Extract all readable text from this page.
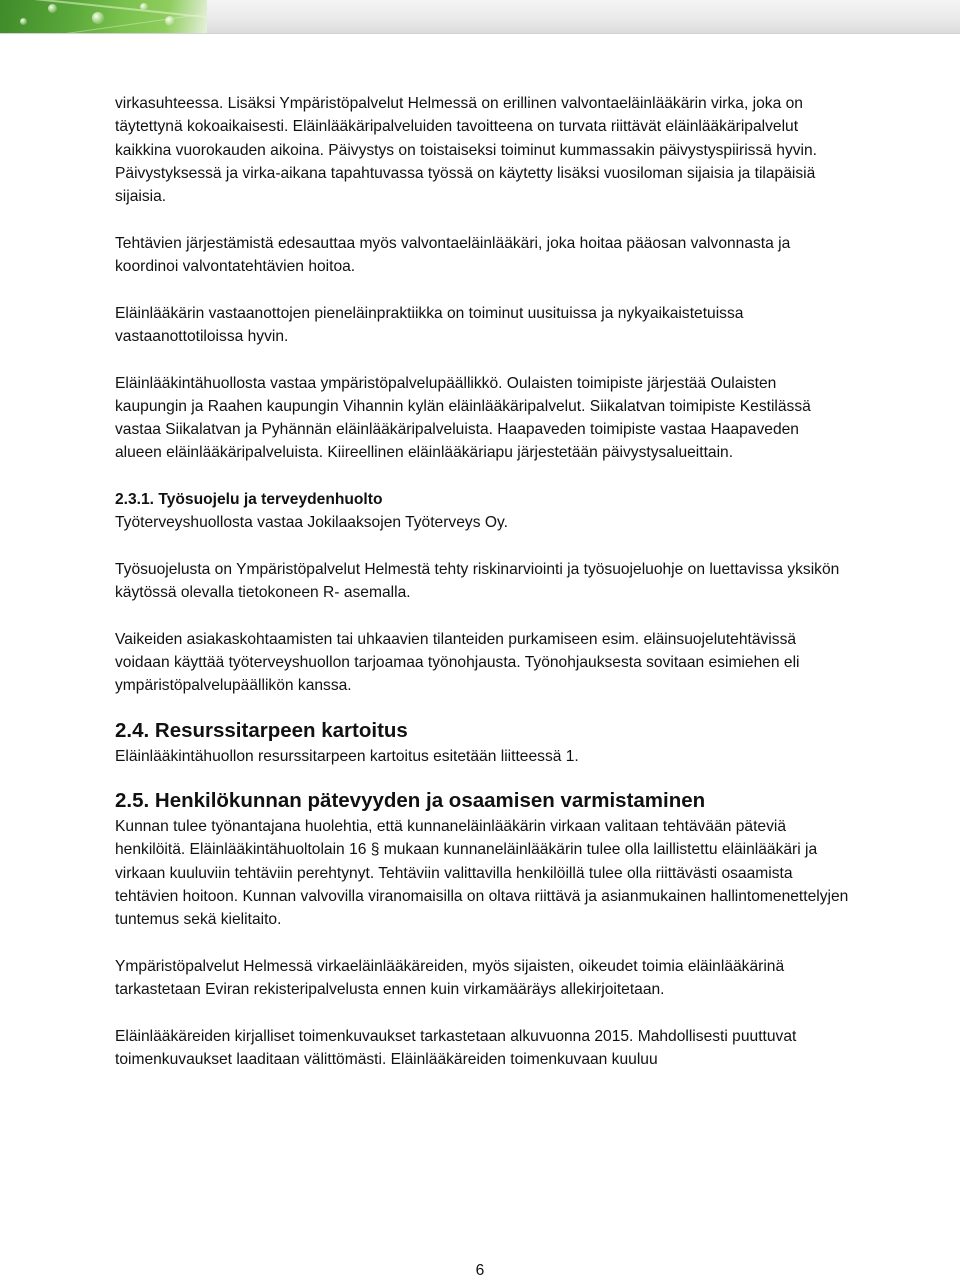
virkasuhteessa. Lisäksi Ympäristöpalvelut Helmessä on erillinen valvontaeläinlääkärin virka, joka on täytettynä kokoaikaisesti. Eläinlääkäripalveluiden tavoitteena on turvata riittävät eläinlääkäripalvelut kaikkina vuorokauden aikoina. Päivystys on toistaiseksi toiminut kummassakin päivystyspiirissä hyvin. Päivystyksessä ja virka-aikana tapahtuvassa työssä on käytetty lisäksi vuosiloman sijaisia ja tilapäisiä sijaisia.

Tehtävien järjestämistä edesauttaa myös valvontaeläinlääkäri, joka hoitaa pääosan valvonnasta ja koordinoi valvontatehtävien hoitoa.

Eläinlääkärin vastaanottojen pieneläinpraktiikka on toiminut uusituissa ja nykyaikaistetuissa vastaanottotiloissa hyvin.

Eläinlääkintähuollosta vastaa ympäristöpalvelupäällikkö. Oulaisten toimipiste järjestää Oulaisten kaupungin ja Raahen kaupungin Vihannin kylän eläinlääkäripalvelut. Siikalatvan toimipiste Kestilässä vastaa Siikalatvan ja Pyhännän eläinlääkäripalveluista. Haapaveden toimipiste vastaa Haapaveden alueen eläinlääkäripalveluista. Kiireellinen eläinlääkäriapu järjestetään päivystysalueittain.

2.3.1. Työsuojelu ja terveydenhuolto

Työterveyshuollosta vastaa Jokilaaksojen Työterveys Oy.

Työsuojelusta on Ympäristöpalvelut Helmestä tehty riskinarviointi ja työsuojeluohje on luettavissa yksikön käytössä olevalla tietokoneen R- asemalla.

Vaikeiden asiakaskohtaamisten tai uhkaavien tilanteiden purkamiseen esim. eläinsuojelutehtävissä voidaan käyttää työterveyshuollon tarjoamaa työnohjausta. Työnohjauksesta sovitaan esimiehen eli ympäristöpalvelupäällikön kanssa.

2.4. Resurssitarpeen kartoitus

Eläinlääkintähuollon resurssitarpeen kartoitus esitetään liitteessä 1.

2.5. Henkilökunnan pätevyyden ja osaamisen varmistaminen

Kunnan tulee työnantajana huolehtia, että kunnaneläinlääkärin virkaan valitaan tehtävään päteviä henkilöitä. Eläinlääkintähuoltolain 16 § mukaan kunnaneläinlääkärin tulee olla laillistettu eläinlääkäri ja virkaan kuuluviin tehtäviin perehtynyt. Tehtäviin valittavilla henkilöillä tulee olla riittävästi osaamista tehtävien hoitoon. Kunnan valvovilla viranomaisilla on oltava riittävä ja asianmukainen hallintomenettelyjen tuntemus sekä kielitaito.

Ympäristöpalvelut Helmessä virkaeläinlääkäreiden, myös sijaisten, oikeudet toimia eläinlääkärinä tarkastetaan Eviran rekisteripalvelusta ennen kuin virkamääräys allekirjoitetaan.

Eläinlääkäreiden kirjalliset toimenkuvaukset tarkastetaan alkuvuonna 2015. Mahdollisesti puuttuvat toimenkuvaukset laaditaan välittömästi. Eläinlääkäreiden toimenkuvaan kuuluu

6
